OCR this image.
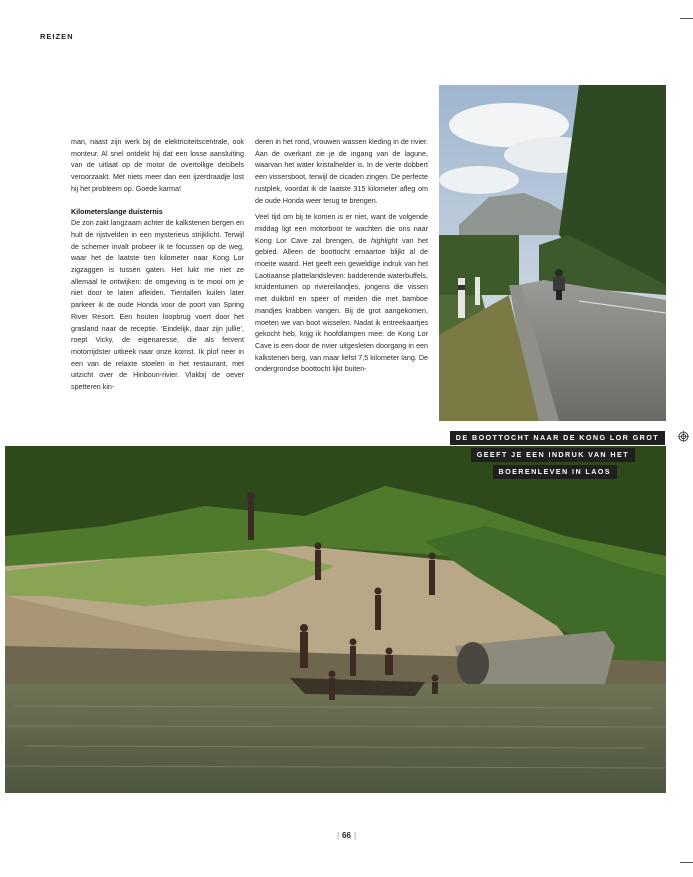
REIZEN

man, naast zijn werk bij de elektriciteitscentrale, ook monteur. Al snel ontdekt hij dat een losse aansluiting van de uitlaat op de motor de overtollige decibels veroorzaakt. Met niets meer dan een ijzerdraadje lost hij het probleem op. Goede karma!

Kilometerslange duisternis

De zon zakt langzaam achter de kalkstenen bergen en hult de rijstvelden in een mysterieus strijklicht. Terwijl de schemer invalt probeer ik te focussen op de weg, waar het de laatste tien kilometer naar Kong Lor zigzaggen is tussen gaten. Het lukt me niet ze allemaal te ontwijken: de omgeving is te mooi om je niet door te laten afleiden. Tientallen kuilen later parkeer ik de oude Honda voor de poort van Spring River Resort. Een houten loopbrug voert door het grasland naar de receptie. ‘Eindelijk, daar zijn jullie’, roept Vicky, de eigenaresse, die als fervent motorrijdster uitkeek naar onze komst. Ik plof neer in een van de relaxte stoelen in het restaurant, met uitzicht over de Hinboun-rivier. Vlakbij de oever spetteren kin-

deren in het rond, vrouwen wassen kleding in de rivier. Aan de overkant zie je de ingang van de lagune, waarvan het water kristalhelder is. In de verte dobbert een vissersboot, terwijl de cicaden zingen. De perfecte rustplek, voordat ik de laatste 315 kilometer afleg om de oude Honda weer terug te brengen.

Veel tijd om bij te komen is er niet, want de volgende middag ligt een motorboot te wachten die ons naar Kong Lor Cave zal brengen, de highlight van het gebied. Alleen de boottocht ernaartoe blijkt al de moeite waard. Het geeft een geweldige indruk van het Laotiaanse plattelandsleven: badderende waterbuffels, kruidentuinen op riviereilandjes, jongens die vissen met duikbril en speer of meiden die met bamboe mandjes krabben vangen. Bij de grot aangekomen, moeten we van boot wisselen. Nadat ik entreekaartjes gekocht heb, krijg ik hoofdlampen mee: de Kong Lor Cave is een door de rivier uitgesleten doorgang in een kalkstenen berg, van maar liefst 7,5 kilometer lang. De ondergrondse boottocht lijkt buiten-

DE BOOTTOCHT NAAR DE KONG LOR GROT
GEEFT JE EEN INDRUK VAN HET
BOERENLEVEN IN LAOS
| 66 |
